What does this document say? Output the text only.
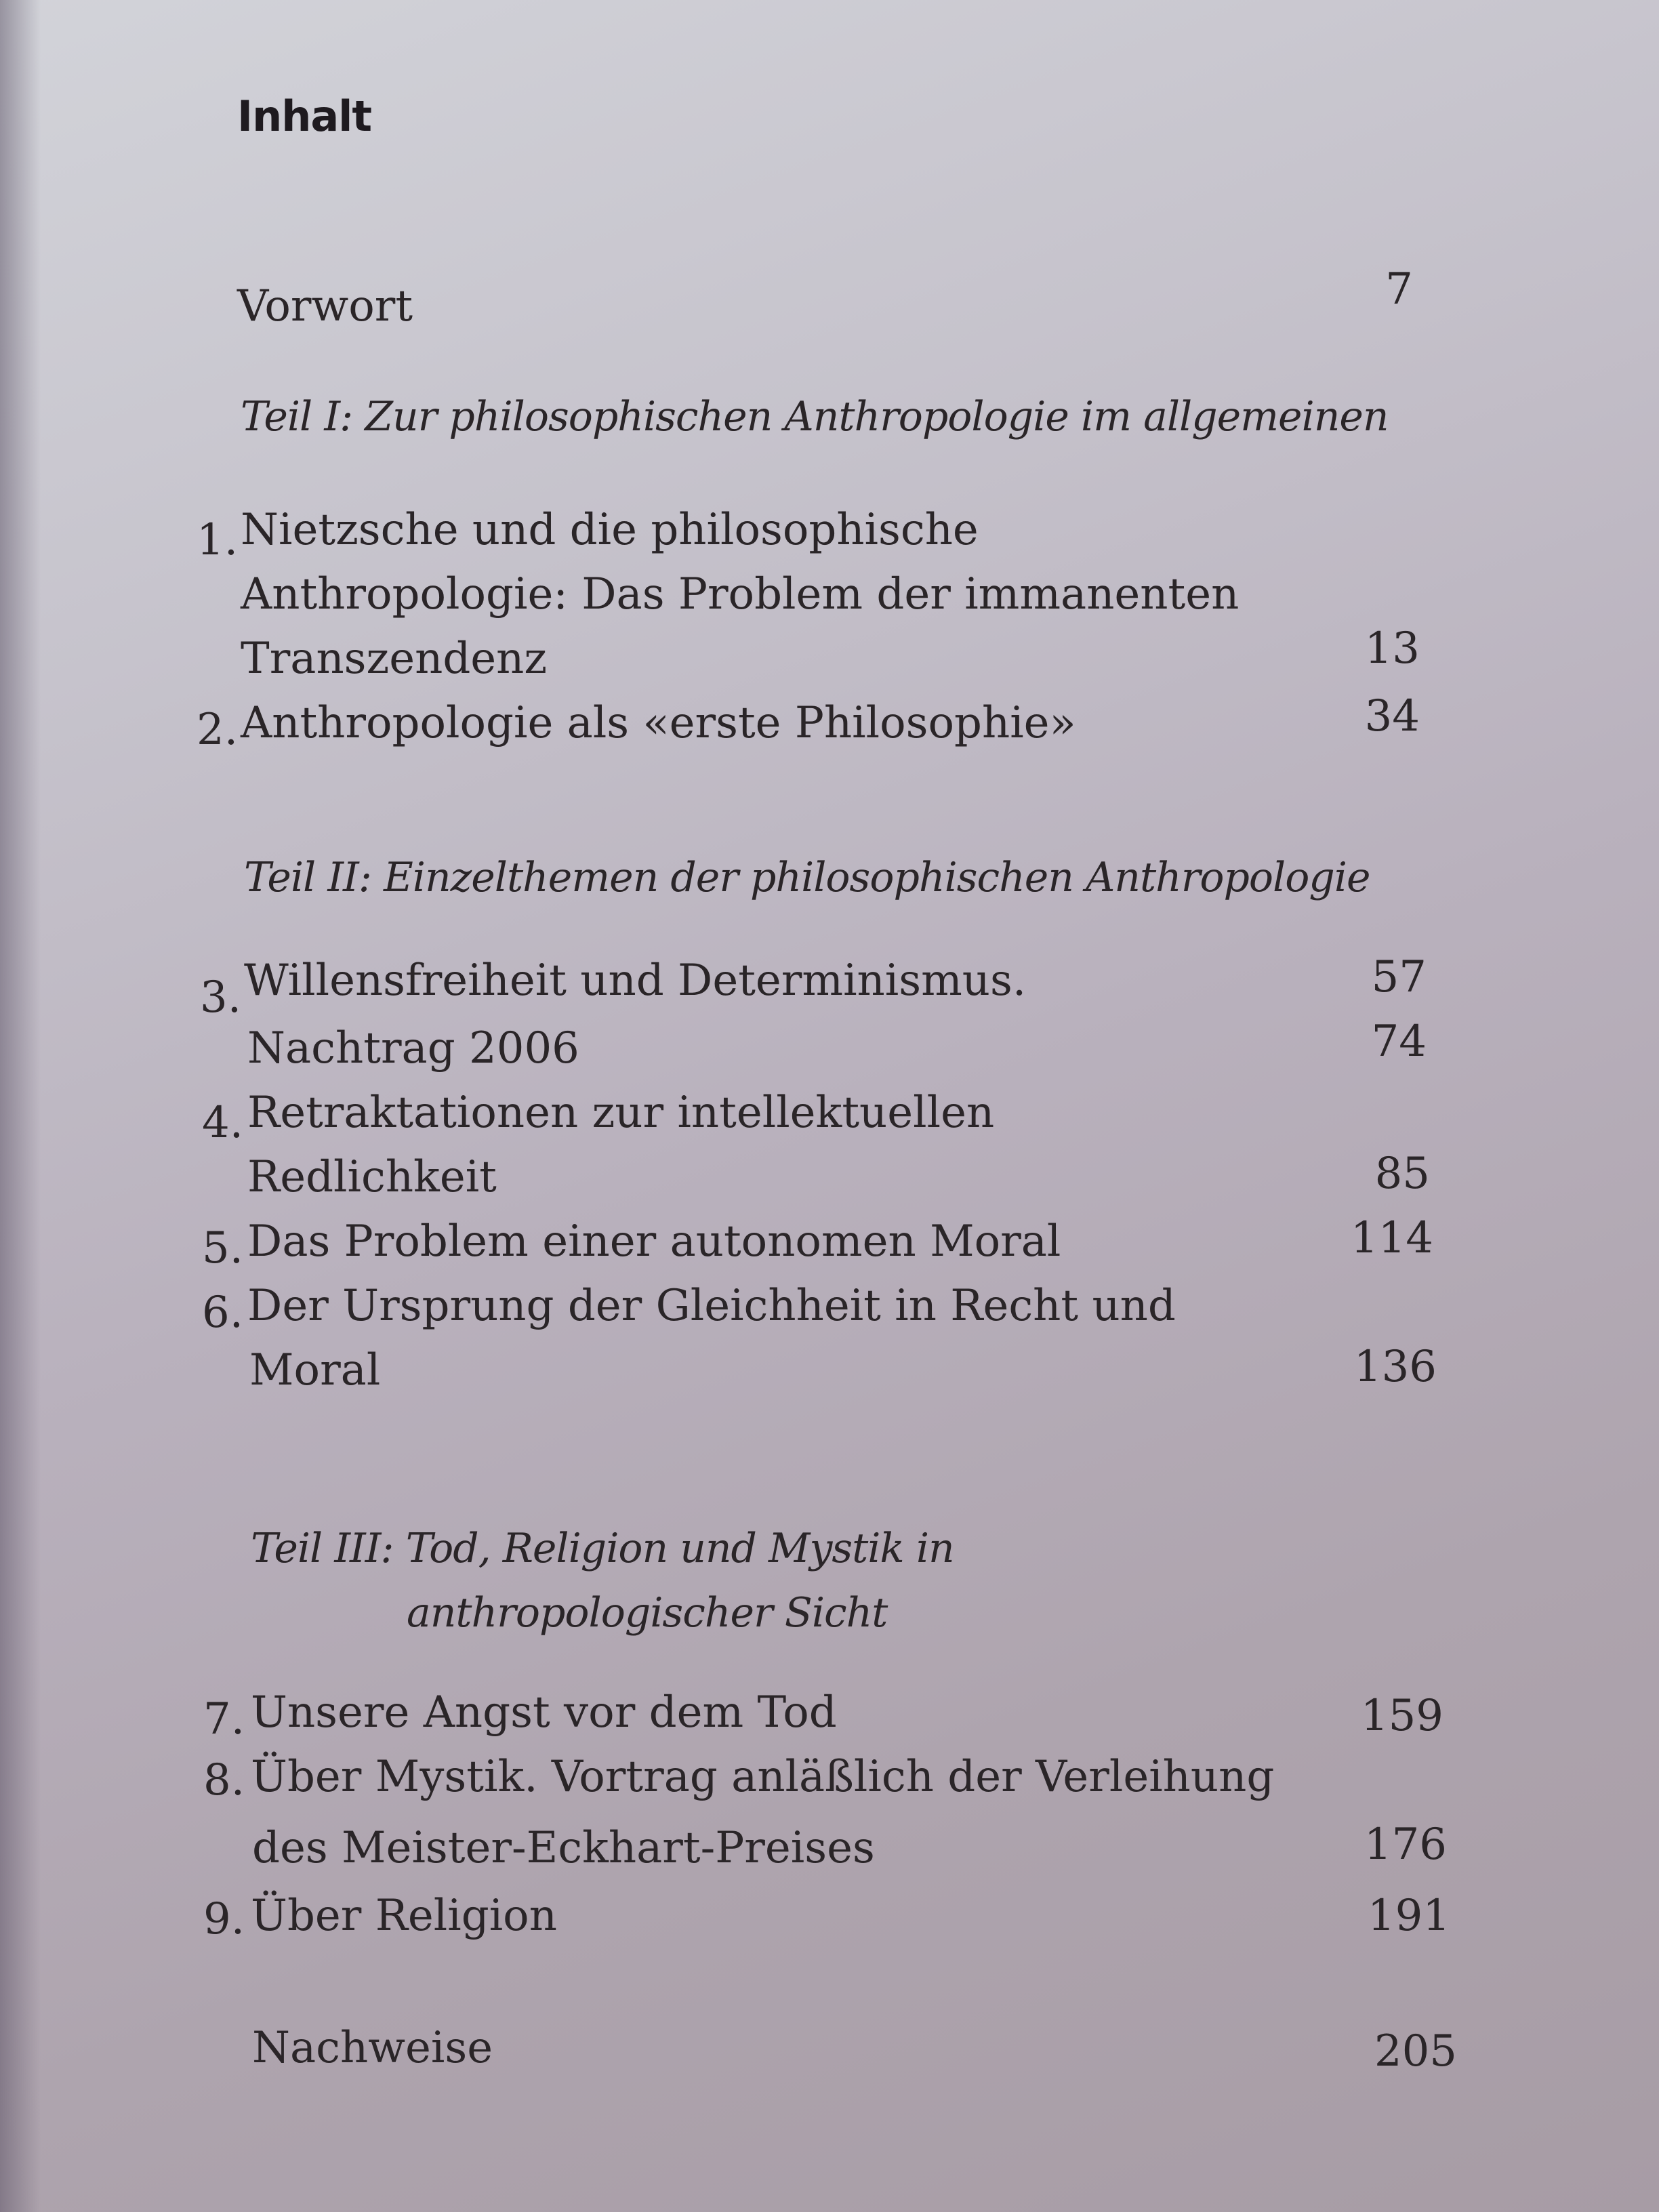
Inhalt
Vorwort	7
Teil I: Zur philosophischen Anthropologie im allgemeinen
1. Nietzsche und die philosophische
Anthropologie: Das Problem der immanenten
Transzendenz	13
2. Anthropologie als «erste Philosophie»	34
Teil II: Einzelthemen der philosophischen Anthropologie
3. Willensfreiheit und Determinismus.	57
Nachtrag 2006	74
4. Retraktationen zur intellektuellen
Redlichkeit	85
5. Das Problem einer autonomen Moral	114
6. Der Ursprung der Gleichheit in Recht und
Moral	136
Teil III: Tod, Religion und Mystik in
anthropologischer Sicht
7. Unsere Angst vor dem Tod	159
8. Über Mystik. Vortrag anläßlich der Verleihung
des Meister-Eckhart-Preises	176
9. Über Religion	191
Nachweise	205
